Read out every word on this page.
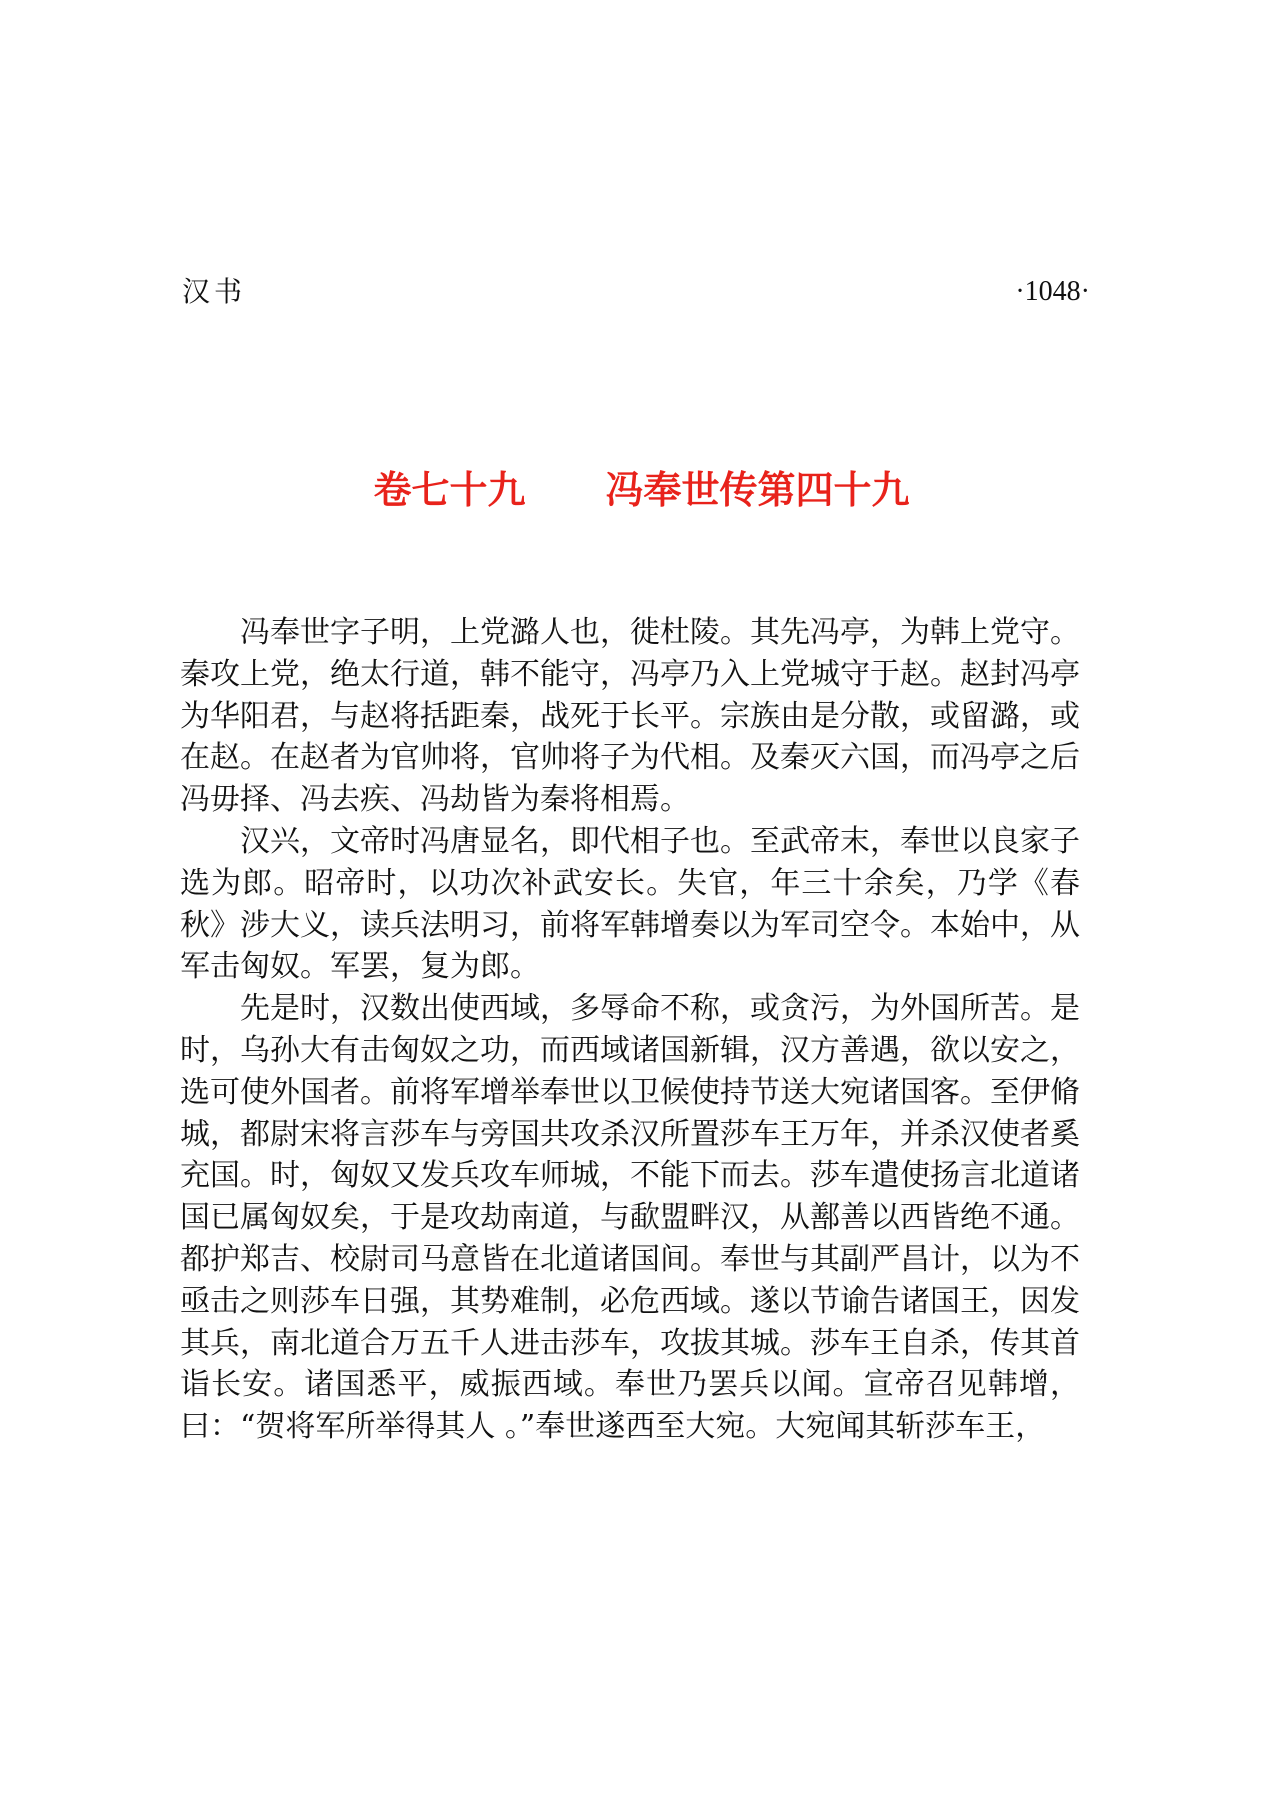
汉书	·1048·
卷七十九 冯奉世传第四十九

冯奉世字子明，上党潞人也，徙杜陵。其先冯亭，为韩上党守。秦攻上党，绝太行道，韩不能守，冯亭乃入上党城守于赵。赵封冯亭为华阳君，与赵将括距秦，战死于长平。宗族由是分散，或留潞，或在赵。在赵者为官帅将，官帅将子为代相。及秦灭六国，而冯亭之后冯毋择、冯去疾、冯劫皆为秦将相焉。

汉兴，文帝时冯唐显名，即代相子也。至武帝末，奉世以良家子选为郎。昭帝时，以功次补武安长。失官，年三十余矣，乃学《春秋》涉大义，读兵法明习，前将军韩增奏以为军司空令。本始中，从军击匈奴。军罢，复为郎。

先是时，汉数出使西域，多辱命不称，或贪污，为外国所苦。是时，乌孙大有击匈奴之功，而西域诸国新辑，汉方善遇，欲以安之，选可使外国者。前将军增举奉世以卫候使持节送大宛诸国客。至伊脩城，都尉宋将言莎车与旁国共攻杀汉所置莎车王万年，并杀汉使者奚充国。时，匈奴又发兵攻车师城，不能下而去。莎车遣使扬言北道诸国已属匈奴矣，于是攻劫南道，与歃盟畔汉，从鄯善以西皆绝不通。都护郑吉、校尉司马意皆在北道诸国间。奉世与其副严昌计，以为不亟击之则莎车日强，其势难制，必危西域。遂以节谕告诸国王，因发其兵，南北道合万五千人进击莎车，攻拔其城。莎车王自杀，传其首诣长安。诸国悉平，威振西域。奉世乃罢兵以闻。宣帝召见韩增，曰：“贺将军所举得其人 。”奉世遂西至大宛。大宛闻其斩莎车王，
